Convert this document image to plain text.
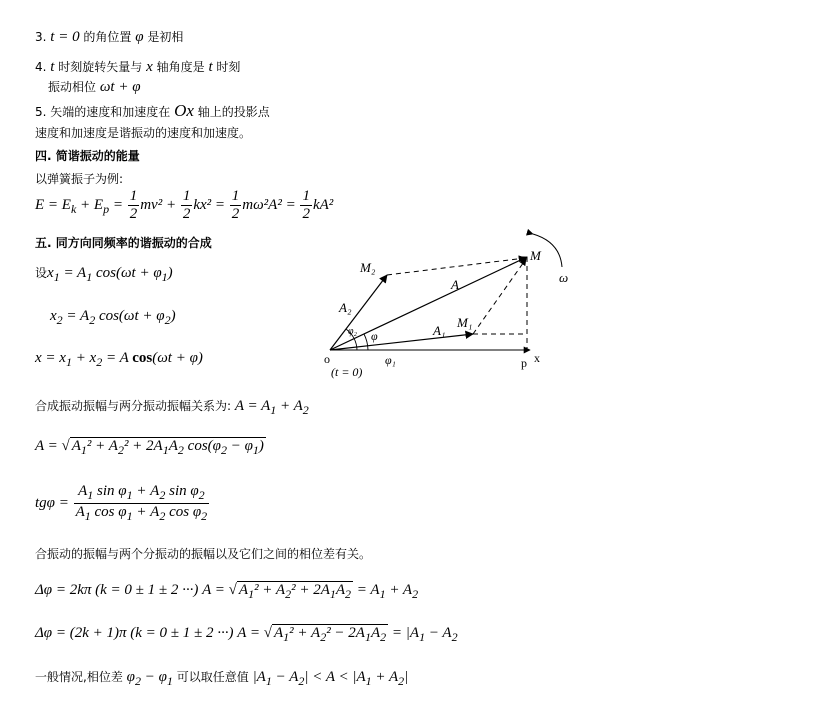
3. t = 0 的角位置 φ 是初相
4. t 时刻旋转矢量与 x 轴角度是 t 时刻
振动相位 ωt + φ
5. 矢端的速度和加速度在 Ox 轴上的投影点
速度和加速度是谐振动的速度和加速度。
四. 简谐振动的能量
以弹簧振子为例:
$E = E_k + E_p = \frac{1}{2} mv^2 + \frac{1}{2} kx^2 = \frac{1}{2} m\omega^2A^2 = \frac{1}{2} kA^2$
五. 同方向同频率的谐振动的合成
设$x_1 = A_1$ $\cos(\omega t + \varphi_1)$
$x_2 = A_2$ $\cos(\omega t + \varphi_2)$
$x = x_1 + x_2 = A$ cos(ωt + φ)
M
M₂
M₁
A
A₁
A₂
o	p x
φ
φ₁
φ₂
ω
(t = 0)
合成振动振幅与两分振动振幅关系为: $A = A_1 + A_2$
A = √ $A_1^2 + A_2^2 + 2A_1A_2$ $\cos(\varphi_2 - \varphi_1)$
$tg\varphi = \frac{A_1 \sin \varphi_1 + A_2 \sin \varphi_2}{A_1 \cos \varphi_1 + A_2 \cos \varphi_2}$
合振动的振幅与两个分振动的振幅以及它们之间的相位差有关。
Δφ = 2kπ (k = 0 ± 1 ± 2 ···) A = √ $A_1^2 + A_2^2 + 2A_1A_2 = A_1 + A_2$
Δφ = (2k + 1)π (k = 0 ± 1 ± 2 ···) A = √ $A_1^2 + A_2^2 - 2A_1A_2 = |A_1 - A_2$
一般情况,相位差 $\varphi_2 - \varphi_1$ 可以取任意值 $|A_1 - A_2| < A < |A_1 + A_2|$
